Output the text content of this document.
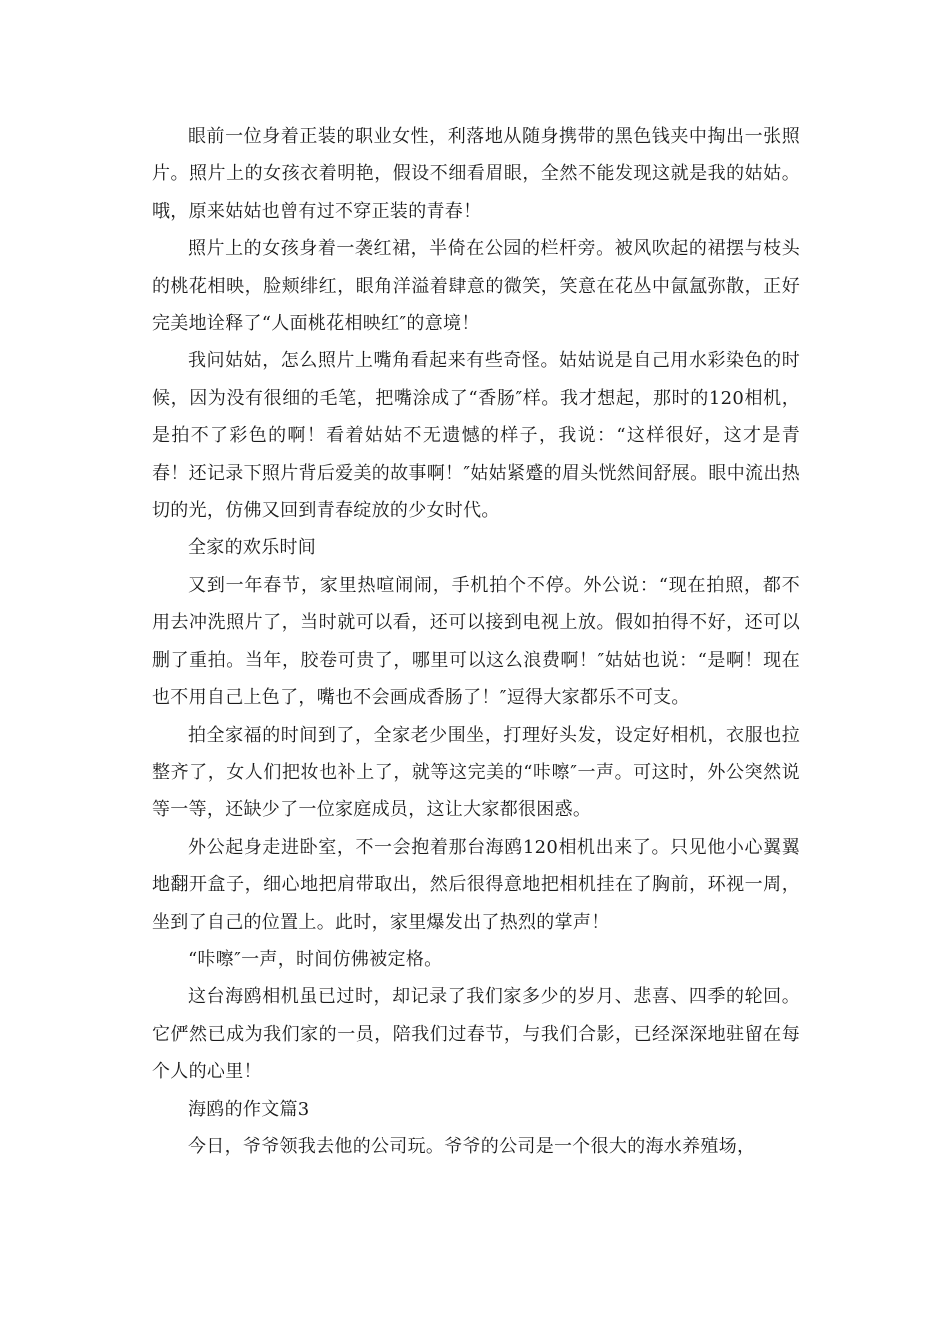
眼前一位身着正装的职业女性，利落地从随身携带的黑色钱夹中掏出一张照片。照片上的女孩衣着明艳，假设不细看眉眼，全然不能发现这就是我的姑姑。哦，原来姑姑也曾有过不穿正装的青春！

照片上的女孩身着一袭红裙，半倚在公园的栏杆旁。被风吹起的裙摆与枝头的桃花相映，脸颊绯红，眼角洋溢着肆意的微笑，笑意在花丛中氤氲弥散，正好完美地诠释了“人面桃花相映红″的意境！

我问姑姑，怎么照片上嘴角看起来有些奇怪。姑姑说是自己用水彩染色的时候，因为没有很细的毛笔，把嘴涂成了“香肠″样。我才想起，那时的120相机，是拍不了彩色的啊！看着姑姑不无遗憾的样子，我说：“这样很好，这才是青春！还记录下照片背后爱美的故事啊！″姑姑紧蹙的眉头恍然间舒展。眼中流出热切的光，仿佛又回到青春绽放的少女时代。

全家的欢乐时间

又到一年春节，家里热喧闹闹，手机拍个不停。外公说：“现在拍照，都不用去冲洗照片了，当时就可以看，还可以接到电视上放。假如拍得不好，还可以删了重拍。当年，胶卷可贵了，哪里可以这么浪费啊！″姑姑也说：“是啊！现在也不用自己上色了，嘴也不会画成香肠了！″逗得大家都乐不可支。

拍全家福的时间到了，全家老少围坐，打理好头发，设定好相机，衣服也拉整齐了，女人们把妆也补上了，就等这完美的“咔嚓″一声。可这时，外公突然说等一等，还缺少了一位家庭成员，这让大家都很困惑。

外公起身走进卧室，不一会抱着那台海鸥120相机出来了。只见他小心翼翼地翻开盒子，细心地把肩带取出，然后很得意地把相机挂在了胸前，环视一周，坐到了自己的位置上。此时，家里爆发出了热烈的掌声！

“咔嚓″一声，时间仿佛被定格。

这台海鸥相机虽已过时，却记录了我们家多少的岁月、悲喜、四季的轮回。它俨然已成为我们家的一员，陪我们过春节，与我们合影，已经深深地驻留在每个人的心里！

海鸥的作文篇3

今日，爷爷领我去他的公司玩。爷爷的公司是一个很大的海水养殖场，
